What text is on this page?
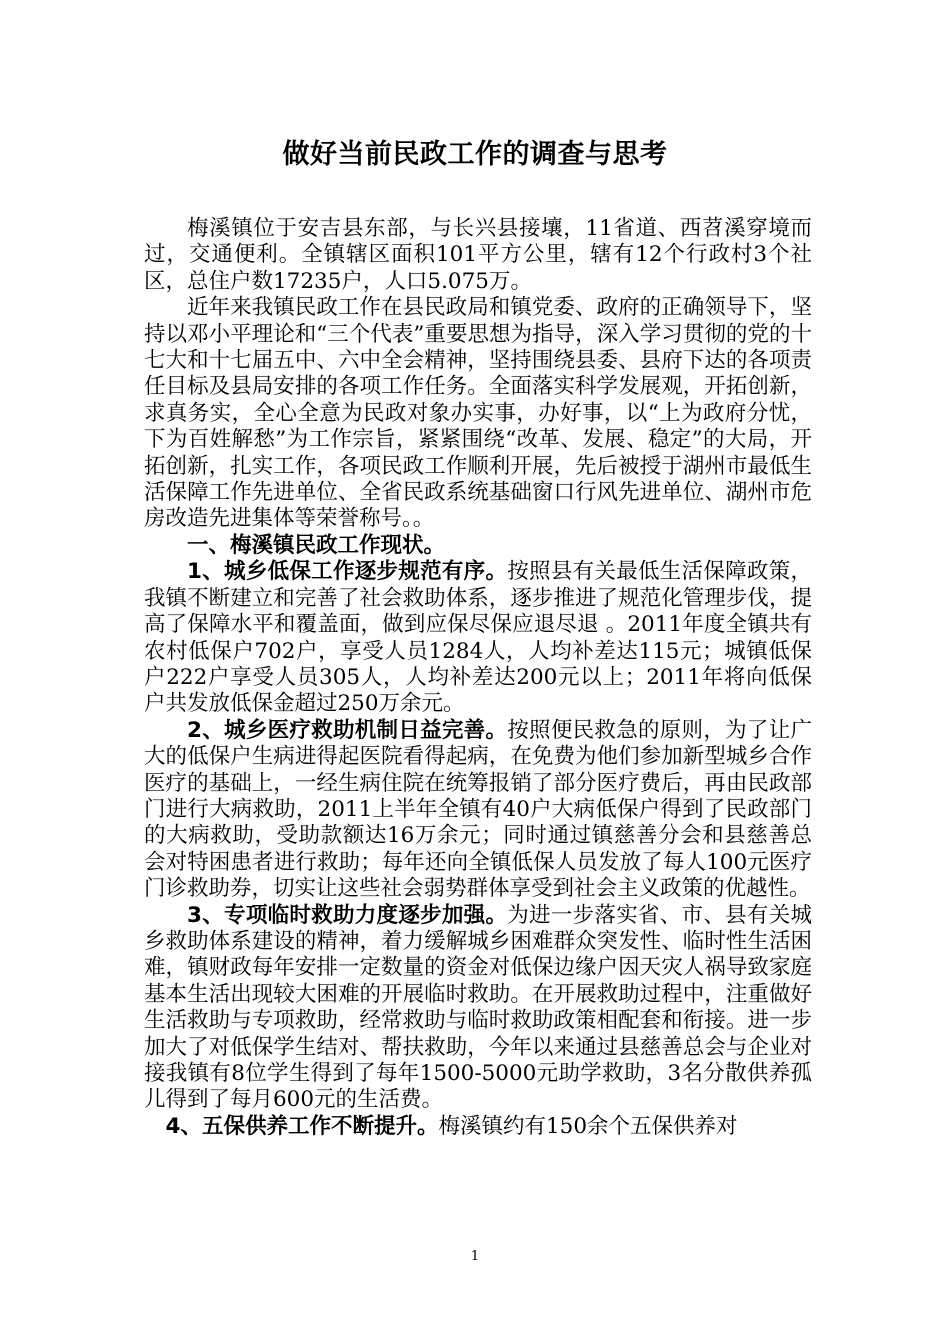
做好当前民政工作的调查与思考

梅溪镇位于安吉县东部，与长兴县接壤，11省道、西苕溪穿境而过，交通便利。全镇辖区面积101平方公里，辖有12个行政村3个社区，总住户数17235户，人口5.075万。

近年来我镇民政工作在县民政局和镇党委、政府的正确领导下，坚持以邓小平理论和“三个代表”重要思想为指导，深入学习贯彻的党的十七大和十七届五中、六中全会精神，坚持围绕县委、县府下达的各项责任目标及县局安排的各项工作任务。全面落实科学发展观，开拓创新，求真务实，全心全意为民政对象办实事，办好事，以“上为政府分忧，下为百姓解愁”为工作宗旨，紧紧围绕“改革、发展、稳定”的大局，开拓创新，扎实工作，各项民政工作顺利开展，先后被授于湖州市最低生活保障工作先进单位、全省民政系统基础窗口行风先进单位、湖州市危房改造先进集体等荣誉称号。。

一、梅溪镇民政工作现状。

1、城乡低保工作逐步规范有序。按照县有关最低生活保障政策，我镇不断建立和完善了社会救助体系，逐步推进了规范化管理步伐，提高了保障水平和覆盖面，做到应保尽保应退尽退 。2011年度全镇共有农村低保户702户，享受人员1284人，人均补差达115元；城镇低保户222户享受人员305人，人均补差达200元以上；2011年将向低保户共发放低保金超过250万余元。

2、城乡医疗救助机制日益完善。按照便民救急的原则，为了让广大的低保户生病进得起医院看得起病，在免费为他们参加新型城乡合作医疗的基础上，一经生病住院在统筹报销了部分医疗费后，再由民政部门进行大病救助，2011上半年全镇有40户大病低保户得到了民政部门的大病救助，受助款额达16万余元；同时通过镇慈善分会和县慈善总会对特困患者进行救助；每年还向全镇低保人员发放了每人100元医疗门诊救助券，切实让这些社会弱势群体享受到社会主义政策的优越性。

3、专项临时救助力度逐步加强。为进一步落实省、市、县有关城乡救助体系建设的精神，着力缓解城乡困难群众突发性、临时性生活困难，镇财政每年安排一定数量的资金对低保边缘户因天灾人祸导致家庭基本生活出现较大困难的开展临时救助。在开展救助过程中，注重做好生活救助与专项救助，经常救助与临时救助政策相配套和衔接。进一步加大了对低保学生结对、帮扶救助，今年以来通过县慈善总会与企业对接我镇有8位学生得到了每年1500-5000元助学救助，3名分散供养孤儿得到了每月600元的生活费。

4、五保供养工作不断提升。梅溪镇约有150余个五保供养对

1
